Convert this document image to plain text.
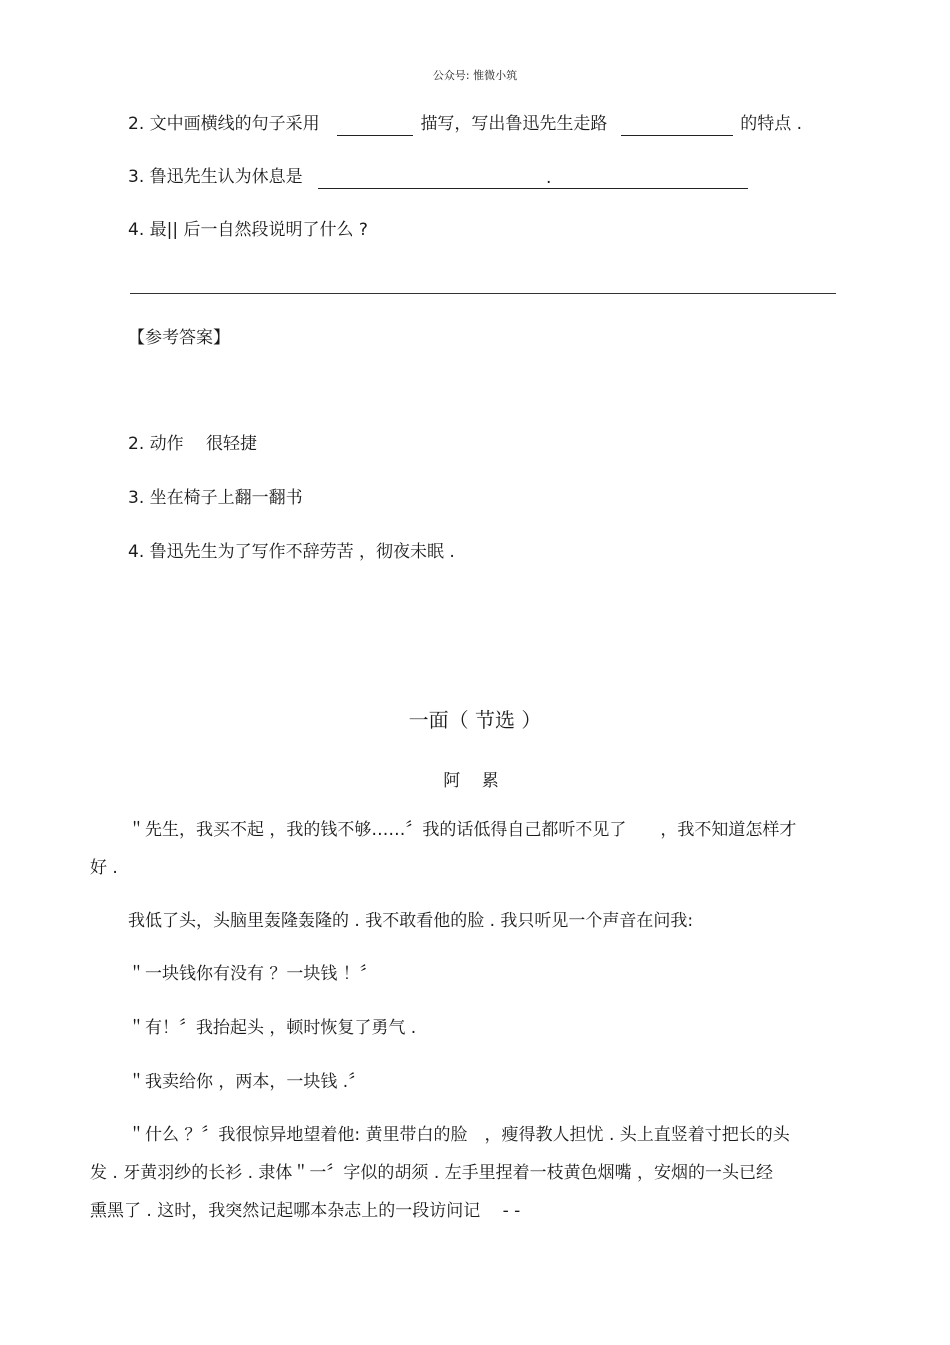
公众号: 惟微小筑
2. 文中画横线的句子采用	描写，写出鲁迅先生走路	的特点 .
3. 鲁迅先生认为休息是	.
4. 最|| 后一自然段说明了什么 ?
【参考答案】
2. 动作　 很轻捷
3. 坐在椅子上翻一翻书
4. 鲁迅先生为了写作不辞劳苦 ，彻夜未眠 .
一面（ 节选 ）
阿 累
＂先生，我买不起 ，我的钱不够……〞我的话低得自己都听不见了　　，我不知道怎样才
好 .
我低了头，头脑里轰隆轰隆的 . 我不敢看他的脸 . 我只听见一个声音在问我:
＂一块钱你有没有 ？一块钱 ！〞
＂有！〞我抬起头 ，顿时恢复了勇气 .
＂我卖给你 ，两本，一块钱 .〞
＂什么 ？〞我很惊异地望着他: 黄里带白的脸　，瘦得教人担忧 . 头上直竖着寸把长的头
发 . 牙黄羽纱的长衫 . 隶体＂一〞字似的胡须 . 左手里捏着一枝黄色烟嘴 ，安烟的一头已经
熏黑了 . 这时，我突然记起哪本杂志上的一段访问记　 - -
